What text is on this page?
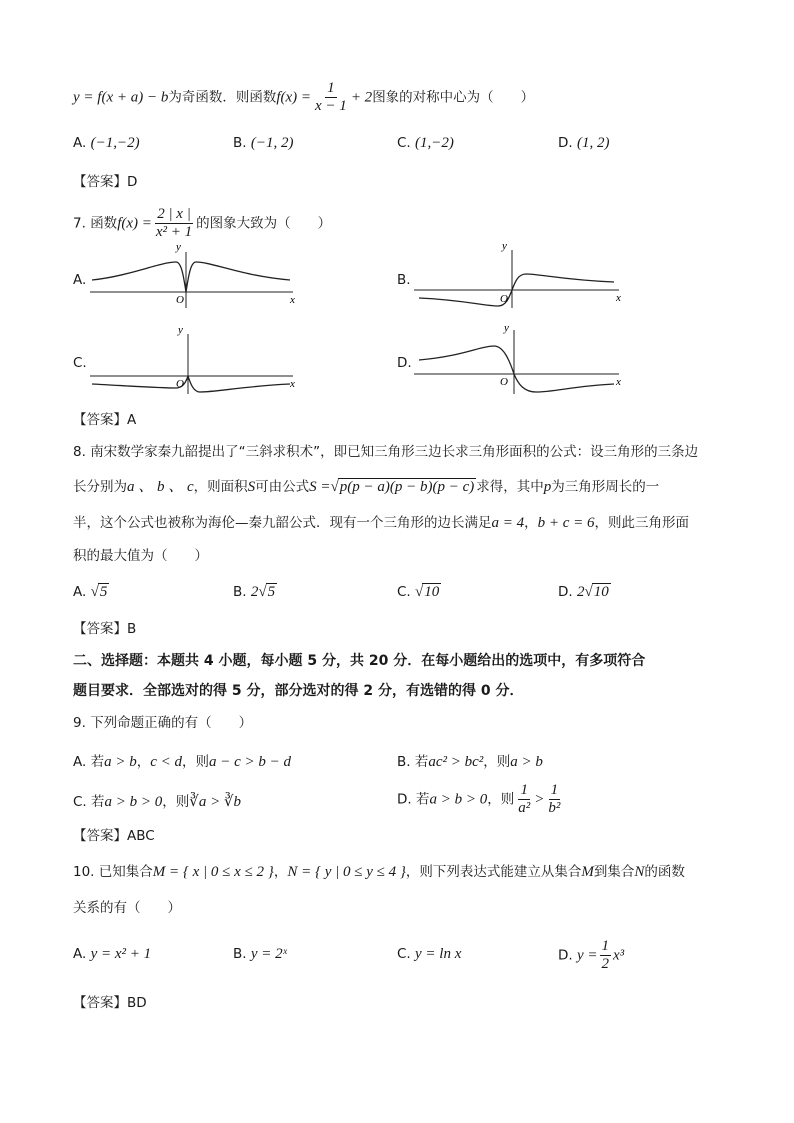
y = f(x + a) − b为奇函数．则函数$f(x) = \frac{1}{x - 1} + 2$图象的对称中心为（　　）
A. (−1,−2)	B. (−1, 2)	C. (1,−2)	D. (1, 2)
【答案】D
7. 函数$f(x) = \frac{2 | x |}{\text{x² + 1}}$ 的图象大致为（　　）
A.
x
y
O
B.
x
y
O
C.
x
y
O
D.
x
y
O
【答案】A
8. 南宋数学家秦九韶提出了“三斜求积术”，即已知三角形三边长求三角形面积的公式：设三角形的三条边
长分别为a 、 b 、 c，则面积S可由公式S =√p(p − a)(p − b)(p − c) 求得，其中p为三角形周长的一
半，这个公式也被称为海伦—秦九韶公式．现有一个三角形的边长满足a = 4，b + c = 6，则此三角形面
积的最大值为（　　）
A. √5	B. 2√5	C. √10	D. 2√10
【答案】B
二、选择题：本题共 4 小题，每小题 5 分，共 20 分．在每小题给出的选项中，有多项符合
题目要求．全部选对的得 5 分，部分选对的得 2 分，有选错的得 0 分．
9. 下列命题正确的有（　　）
A. 若a > b，c < d，则a − c > b − d	B. 若ac² > bc²，则a > b
C. 若a > b > 0，则∛a > ∛b	D. 若a > b > 0，则 $\frac{1}{\text{a²}} > \frac{1}{\text{b²}}$
【答案】ABC
10. 已知集合M = { x | 0 ≤ x ≤ 2 }，N = { y | 0 ≤ y ≤ 4 }，则下列表达式能建立从集合M到集合N的函数
关系的有（　　）
A. y = x² + 1	B. y = 2ˣ	C. y = ln x	D. $y = \frac{1}{2} x^3$
【答案】BD
